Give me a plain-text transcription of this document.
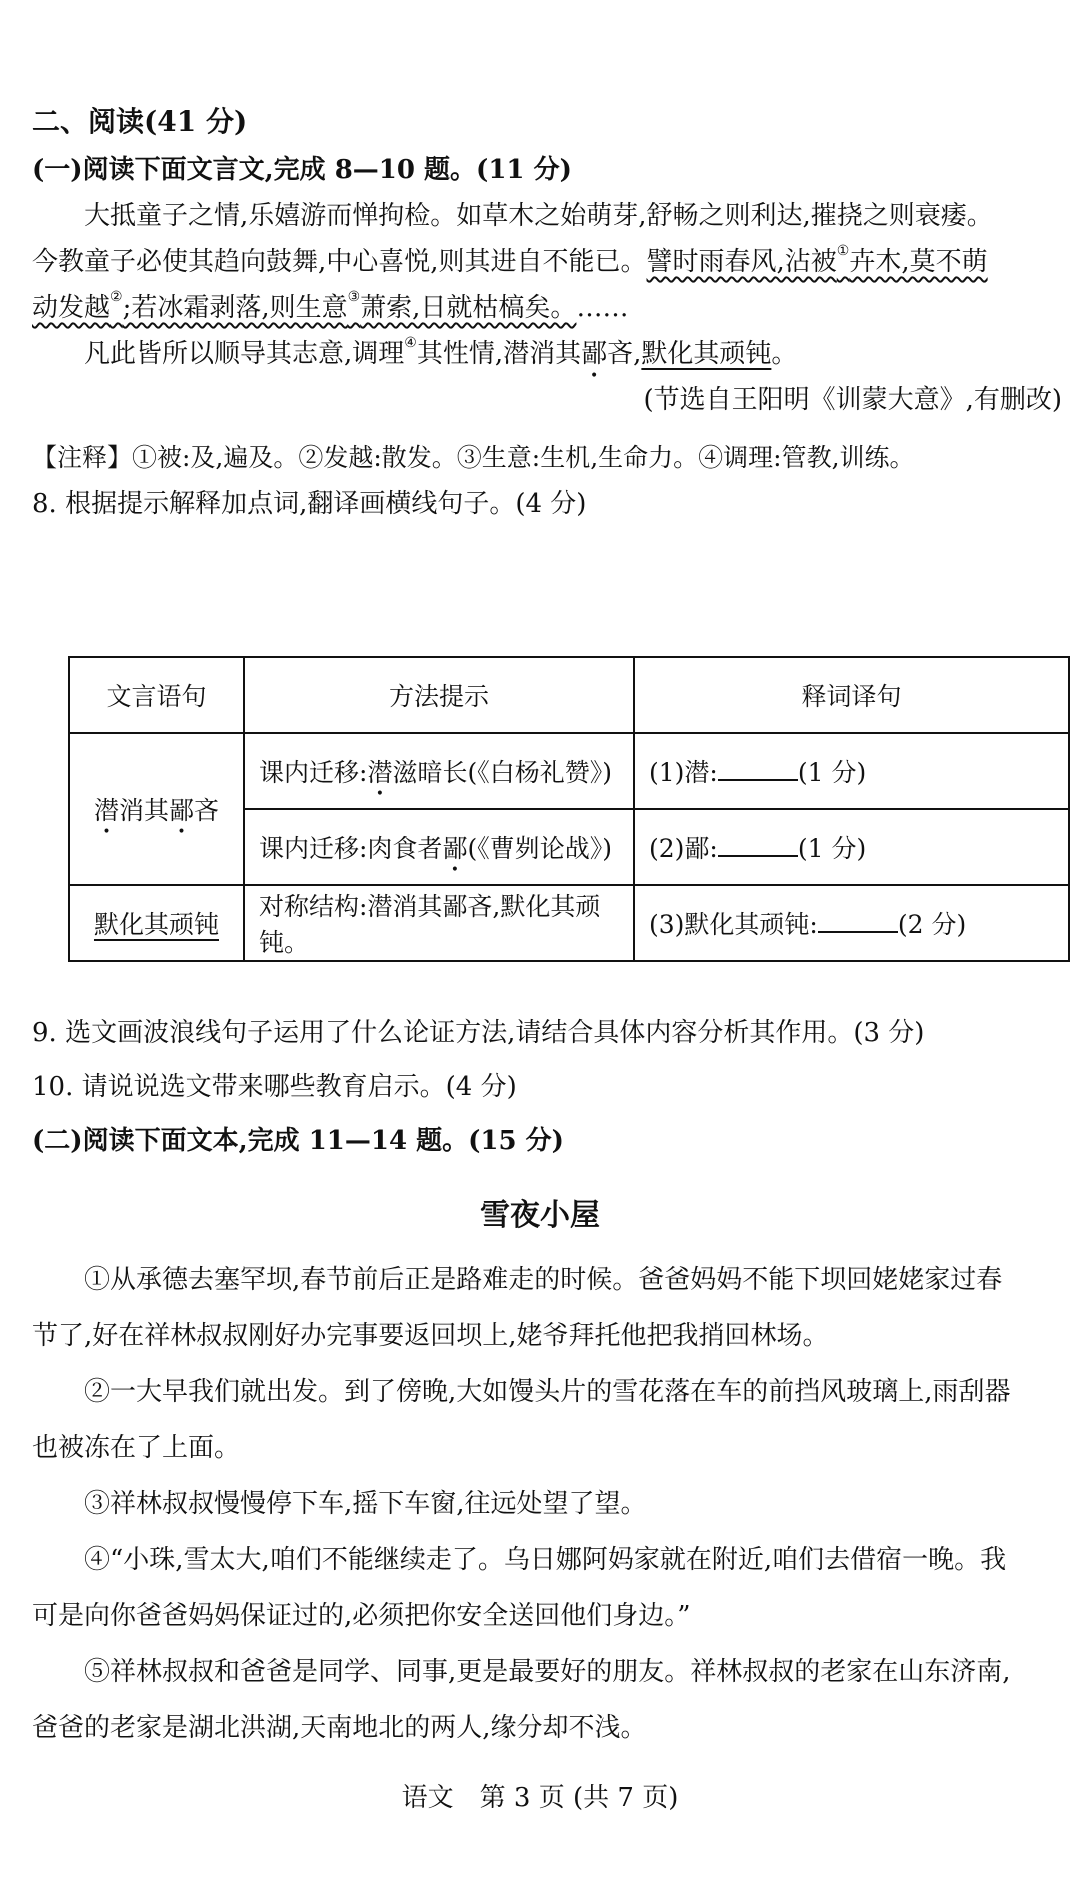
二、阅读(41 分)
(一)阅读下面文言文,完成 8—10 题。(11 分)
大抵童子之情,乐嬉游而惮拘检。如草木之始萌芽,舒畅之则利达,摧挠之则衰痿。
今教童子必使其趋向鼓舞,中心喜悦,则其进自不能已。譬时雨春风,沾被①卉木,莫不萌
动发越②;若冰霜剥落,则生意③萧索,日就枯槁矣。……
凡此皆所以顺导其志意,调理④其性情,潜消其鄙吝,默化其顽钝。
(节选自王阳明《训蒙大意》,有删改)
【注释】①被:及,遍及。②发越:散发。③生意:生机,生命力。④调理:管教,训练。
8. 根据提示解释加点词,翻译画横线句子。(4 分)
文言语句	方法提示	释词译句
潜消其鄙吝	课内迁移:潜滋暗长(《白杨礼赞》)	(1)潜: (1 分)
	课内迁移:肉食者鄙(《曹刿论战》)	(2)鄙: (1 分)
默化其顽钝	对称结构:潜消其鄙吝,默化其顽钝。	(3)默化其顽钝: (2 分)
9. 选文画波浪线句子运用了什么论证方法,请结合具体内容分析其作用。(3 分)
10. 请说说选文带来哪些教育启示。(4 分)
(二)阅读下面文本,完成 11—14 题。(15 分)
雪夜小屋
①从承德去塞罕坝,春节前后正是路难走的时候。爸爸妈妈不能下坝回姥姥家过春
节了,好在祥林叔叔刚好办完事要返回坝上,姥爷拜托他把我捎回林场。
②一大早我们就出发。到了傍晚,大如馒头片的雪花落在车的前挡风玻璃上,雨刮器
也被冻在了上面。
③祥林叔叔慢慢停下车,摇下车窗,往远处望了望。
④“小珠,雪太大,咱们不能继续走了。乌日娜阿妈家就在附近,咱们去借宿一晚。我
可是向你爸爸妈妈保证过的,必须把你安全送回他们身边。”
⑤祥林叔叔和爸爸是同学、同事,更是最要好的朋友。祥林叔叔的老家在山东济南,
爸爸的老家是湖北洪湖,天南地北的两人,缘分却不浅。
语文　第 3 页 (共 7 页)
